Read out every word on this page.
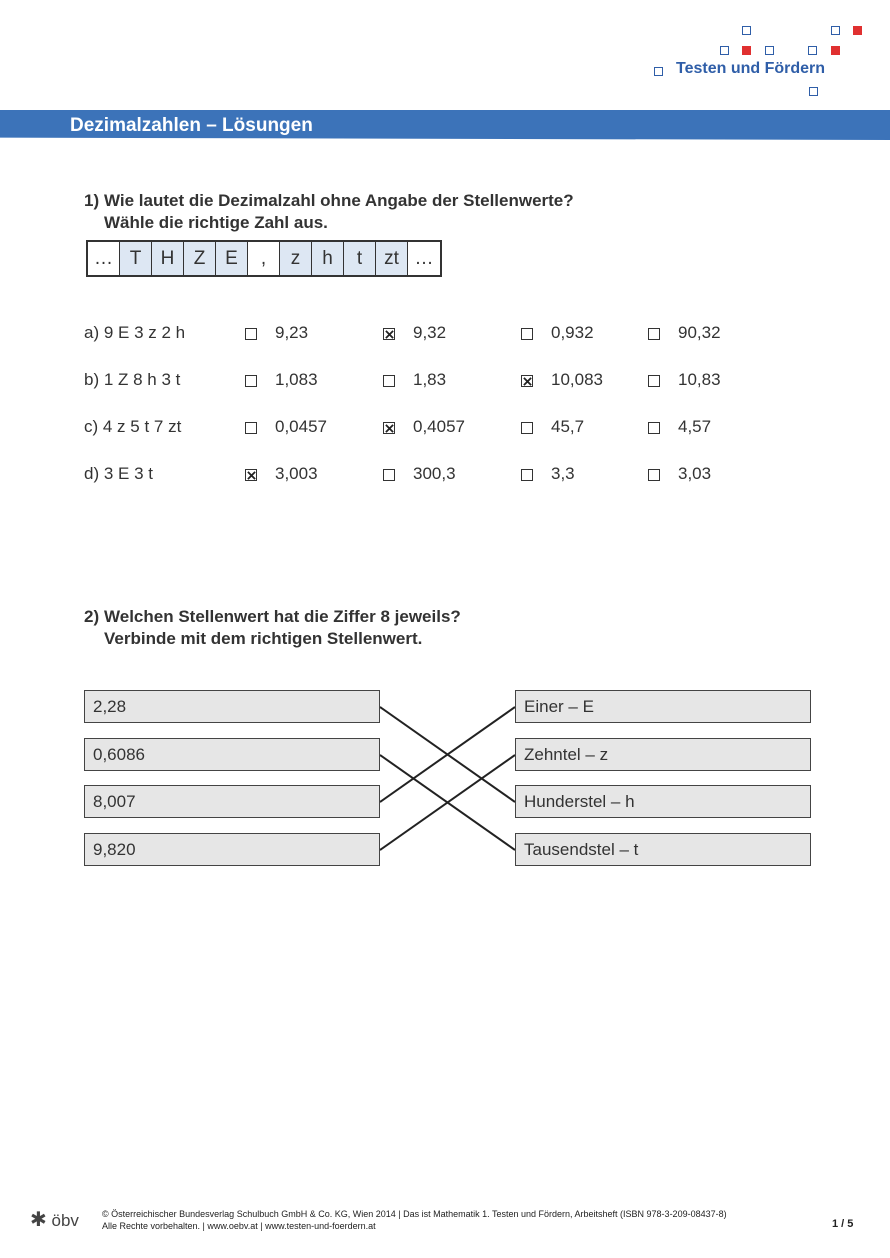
Testen und Fördern
Dezimalzahlen – Lösungen
1) Wie lautet die Dezimalzahl ohne Angabe der Stellenwerte?
Wähle die richtige Zahl aus.
… T	H	Z	E	,	z	h	t	zt …
a) 9 E 3 z 2 h	9,23	9,32	0,932	90,32
b) 1 Z 8 h 3 t	1,083	1,83	10,083	10,83
c) 4 z 5 t 7 zt	0,0457	0,4057	45,7	4,57
d) 3 E 3 t	3,003	300,3	3,3	3,03
2) Welchen Stellenwert hat die Ziffer 8 jeweils?
Verbinde mit dem richtigen Stellenwert.
2,28
0,6086
8,007
9,820
Einer – E
Zehntel – z
Hunderstel – h
Tausendstel – t
✱ öbv	© Österreichischer Bundesverlag Schulbuch GmbH & Co. KG, Wien 2014 | Das ist Mathematik 1. Testen und Fördern, Arbeitsheft (ISBN 978-3-209-08437-8)
Alle Rechte vorbehalten. | www.oebv.at | www.testen-und-foerdern.at	1 / 5
